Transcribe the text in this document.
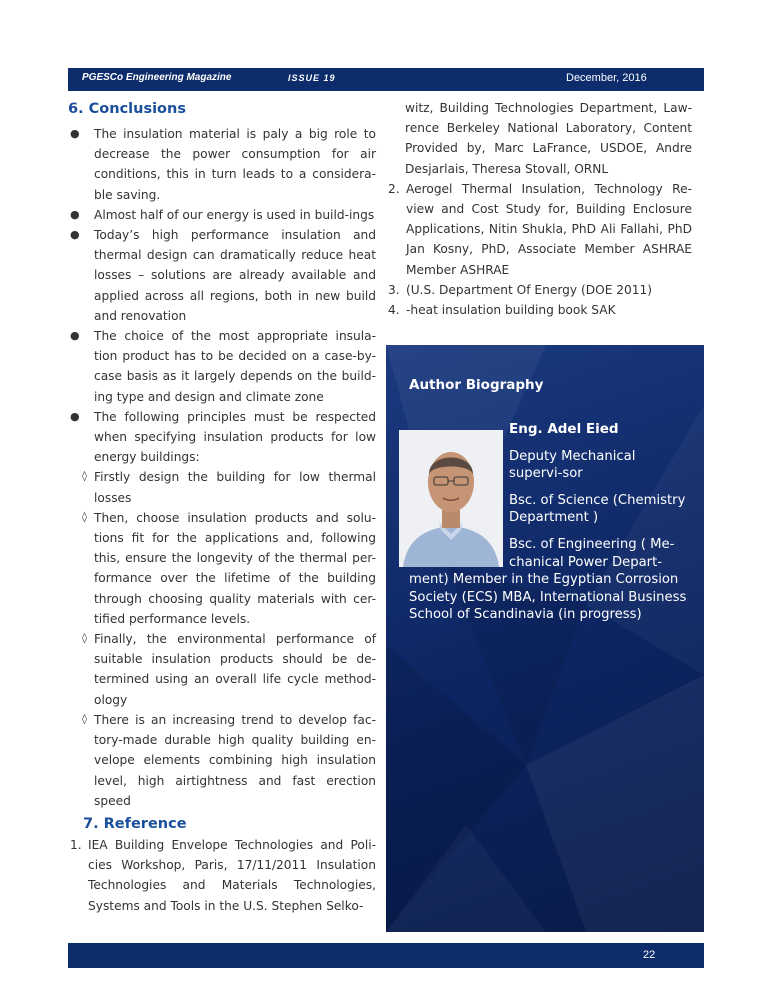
PGESCo Engineering Magazine	ISSUE 19	December, 2016
6. Conclusions
● The insulation material is paly a big role to decrease the power consumption for air conditions, this in turn leads to a considera-ble saving.
● Almost half of our energy is used in build-ings
● Today’s high performance insulation and thermal design can dramatically reduce heat losses – solutions are already available and applied across all regions, both in new build and renovation
● The choice of the most appropriate insula-tion product has to be decided on a case-by-case basis as it largely depends on the build-ing type and design and climate zone
● The following principles must be respected when specifying insulation products for low energy buildings:
◊ Firstly design the building for low thermal losses
◊ Then, choose insulation products and solu-tions fit for the applications and, following this, ensure the longevity of the thermal per-formance over the lifetime of the building through choosing quality materials with cer-tified performance levels.
◊ Finally, the environmental performance of suitable insulation products should be de-termined using an overall life cycle method-ology
◊ There is an increasing trend to develop fac-tory-made durable high quality building en-velope elements combining high insulation level, high airtightness and fast erection speed
7. Reference
1. IEA Building Envelope Technologies and Poli-cies Workshop, Paris, 17/11/2011 Insulation Technologies and Materials Technologies, Systems and Tools in the U.S. Stephen Selko-
witz, Building Technologies Department, Law-rence Berkeley National Laboratory, Content Provided by, Marc LaFrance, USDOE, Andre Desjarlais, Theresa Stovall, ORNL
2. Aerogel Thermal Insulation, Technology Re-view and Cost Study for, Building Enclosure Applications, Nitin Shukla, PhD Ali Fallahi, PhD Jan Kosny, PhD, Associate Member ASHRAE Member ASHRAE
3. (U.S. Department Of Energy (DOE 2011)
4. -heat insulation building book SAK
Author Biography

Eng. Adel Eied

Deputy Mechanical supervi-sor

Bsc. of Science (Chemistry Department )

Bsc. of Engineering ( Me-chanical Power Depart-ment) Member in the Egyptian Corrosion Society (ECS) MBA, International Business School of Scandinavia (in progress)

22
